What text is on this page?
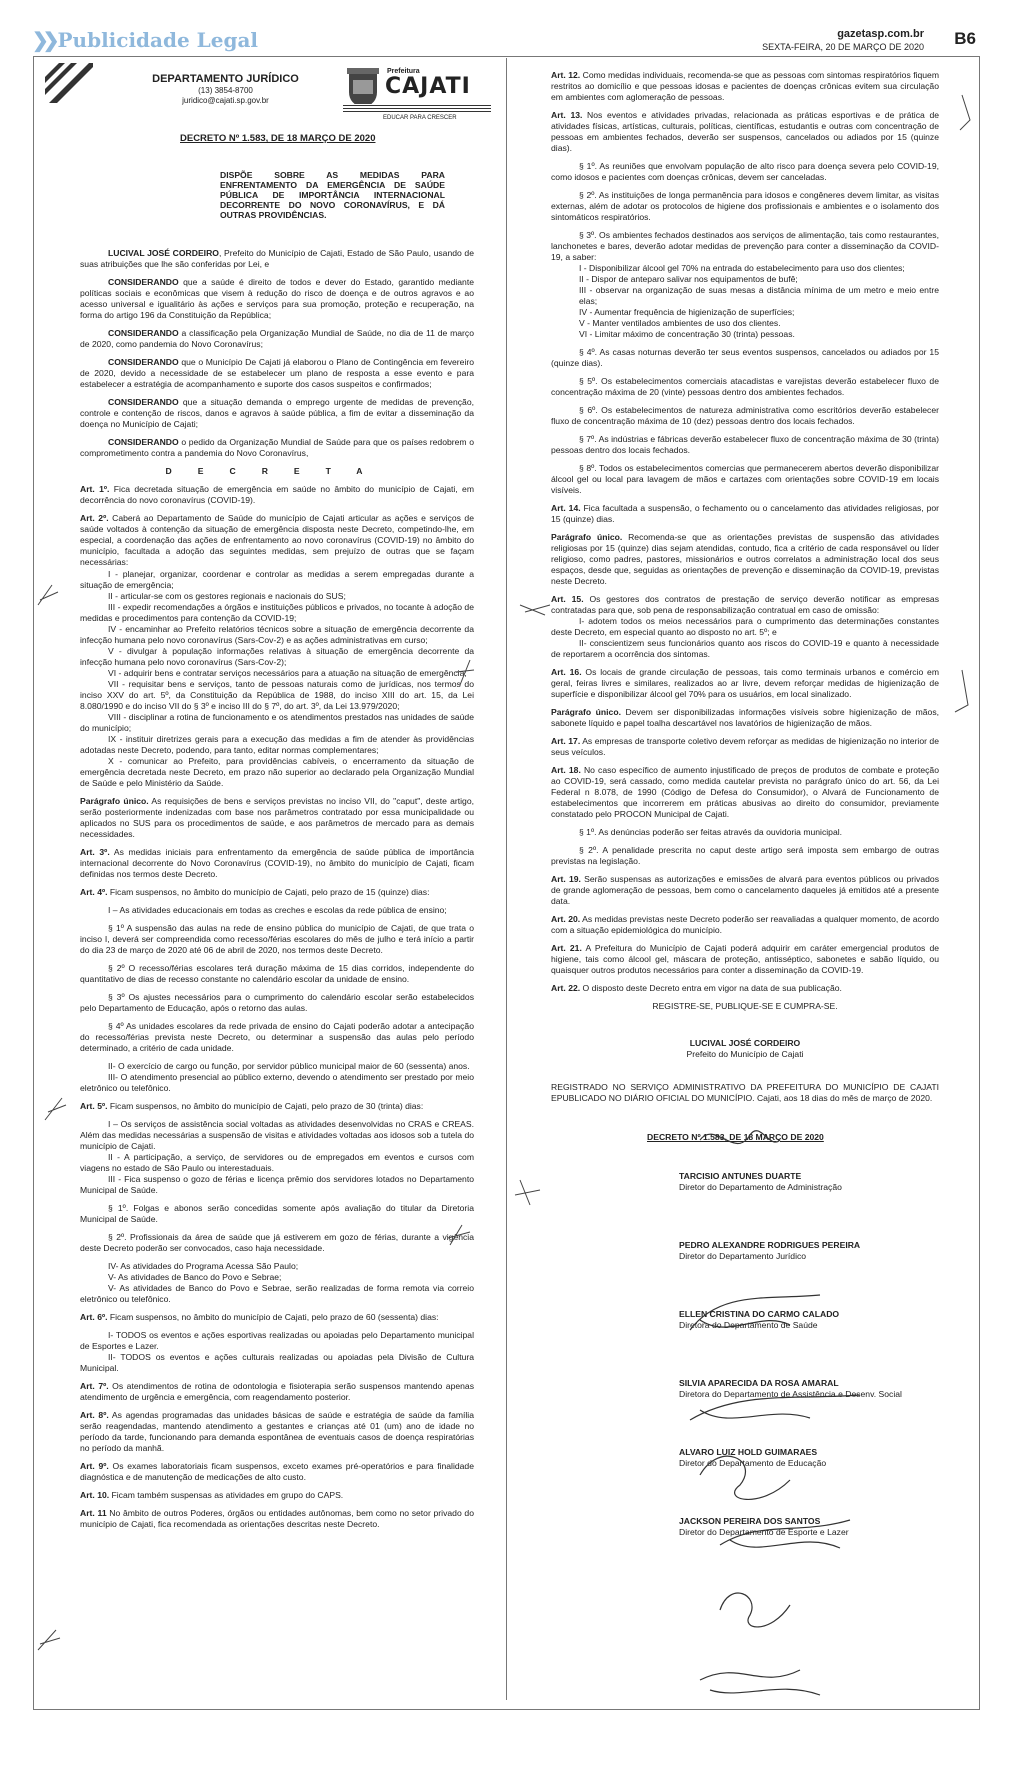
❯❯ Publicidade Legal	gazetasp.com.br
SEXTA-FEIRA, 20 DE MARÇO DE 2020 B6
DEPARTAMENTO JURÍDICO
(13) 3854-8700
juridico@cajati.sp.gov.br
Prefeitura
CAJATI
EDUCAR PARA CRESCER
DECRETO Nº 1.583, DE 18 MARÇO DE 2020
DISPÕE SOBRE AS MEDIDAS PARA ENFRENTAMENTO DA EMERGÊNCIA DE SAÚDE PÚBLICA DE IMPORTÂNCIA INTERNACIONAL DECORRENTE DO NOVO CORONAVÍRUS, E DÁ OUTRAS PROVIDÊNCIAS.

LUCIVAL JOSÉ CORDEIRO, Prefeito do Município de Cajati, Estado de São Paulo, usando de suas atribuições que lhe são conferidas por Lei, e

CONSIDERANDO que a saúde é direito de todos e dever do Estado, garantido mediante políticas sociais e econômicas que visem à redução do risco de doença e de outros agravos e ao acesso universal e igualitário às ações e serviços para sua promoção, proteção e recuperação, na forma do artigo 196 da Constituição da República;

CONSIDERANDO a classificação pela Organização Mundial de Saúde, no dia de 11 de março de 2020, como pandemia do Novo Coronavírus;

CONSIDERANDO que o Município De Cajati já elaborou o Plano de Contingência em fevereiro de 2020, devido a necessidade de se estabelecer um plano de resposta a esse evento e para estabelecer a estratégia de acompanhamento e suporte dos casos suspeitos e confirmados;

CONSIDERANDO que a situação demanda o emprego urgente de medidas de prevenção, controle e contenção de riscos, danos e agravos à saúde pública, a fim de evitar a disseminação da doença no Município de Cajati;

CONSIDERANDO o pedido da Organização Mundial de Saúde para que os países redobrem o comprometimento contra a pandemia do Novo Coronavírus,

DECRETA

Art. 1º. Fica decretada situação de emergência em saúde no âmbito do município de Cajati, em decorrência do novo coronavírus (COVID-19).

Art. 2º. Caberá ao Departamento de Saúde do município de Cajati articular as ações e serviços de saúde voltados à contenção da situação de emergência disposta neste Decreto, competindo-lhe, em especial, a coordenação das ações de enfrentamento ao novo coronavírus (COVID-19) no âmbito do município, facultada a adoção das seguintes medidas, sem prejuízo de outras que se façam necessárias:

I - planejar, organizar, coordenar e controlar as medidas a serem empregadas durante a situação de emergência;
II - articular-se com os gestores regionais e nacionais do SUS;
III - expedir recomendações a órgãos e instituições públicos e privados, no tocante à adoção de medidas e procedimentos para contenção da COVID-19;
IV - encaminhar ao Prefeito relatórios técnicos sobre a situação de emergência decorrente da infecção humana pelo novo coronavírus (Sars-Cov-2) e as ações administrativas em curso;
V - divulgar à população informações relativas à situação de emergência decorrente da infecção humana pelo novo coronavírus (Sars-Cov-2);
VI - adquirir bens e contratar serviços necessários para a atuação na situação de emergência;
VII - requisitar bens e serviços, tanto de pessoas naturais como de jurídicas, nos termos do inciso XXV do art. 5º, da Constituição da República de 1988, do inciso XIII do art. 15, da Lei 8.080/1990 e do inciso VII do § 3º e inciso III do § 7º, do art. 3º, da Lei 13.979/2020;
VIII - disciplinar a rotina de funcionamento e os atendimentos prestados nas unidades de saúde do município;
IX - instituir diretrizes gerais para a execução das medidas a fim de atender às providências adotadas neste Decreto, podendo, para tanto, editar normas complementares;
X - comunicar ao Prefeito, para providências cabíveis, o encerramento da situação de emergência decretada neste Decreto, em prazo não superior ao declarado pela Organização Mundial de Saúde e pelo Ministério da Saúde.

Parágrafo único. As requisições de bens e serviços previstas no inciso VII, do "caput", deste artigo, serão posteriormente indenizadas com base nos parâmetros contratado por essa municipalidade ou aplicados no SUS para os procedimentos de saúde, e aos parâmetros de mercado para as demais necessidades.

Art. 3º. As medidas iniciais para enfrentamento da emergência de saúde pública de importância internacional decorrente do Novo Coronavírus (COVID-19), no âmbito do município de Cajati, ficam definidas nos termos deste Decreto.

Art. 4º. Ficam suspensos, no âmbito do município de Cajati, pelo prazo de 15 (quinze) dias:

I – As atividades educacionais em todas as creches e escolas da rede pública de ensino;

§ 1º A suspensão das aulas na rede de ensino pública do município de Cajati, de que trata o inciso I, deverá ser compreendida como recesso/férias escolares do mês de julho e terá início a partir do dia 23 de março de 2020 até 06 de abril de 2020, nos termos deste Decreto.

§ 2º O recesso/férias escolares terá duração máxima de 15 dias corridos, independente do quantitativo de dias de recesso constante no calendário escolar da unidade de ensino.

§ 3º Os ajustes necessários para o cumprimento do calendário escolar serão estabelecidos pelo Departamento de Educação, após o retorno das aulas.

§ 4º As unidades escolares da rede privada de ensino do Cajati poderão adotar a antecipação do recesso/férias prevista neste Decreto, ou determinar a suspensão das aulas pelo período determinado, a critério de cada unidade.

II- O exercício de cargo ou função, por servidor público municipal maior de 60 (sessenta) anos.
III- O atendimento presencial ao público externo, devendo o atendimento ser prestado por meio eletrônico ou telefônico.

Art. 5º. Ficam suspensos, no âmbito do município de Cajati, pelo prazo de 30 (trinta) dias:

I – Os serviços de assistência social voltadas as atividades desenvolvidas no CRAS e CREAS. Além das medidas necessárias a suspensão de visitas e atividades voltadas aos idosos sob a tutela do município de Cajati.
II - A participação, a serviço, de servidores ou de empregados em eventos e cursos com viagens no estado de São Paulo ou interestaduais.
III - Fica suspenso o gozo de férias e licença prêmio dos servidores lotados no Departamento Municipal de Saúde.

§ 1º. Folgas e abonos serão concedidas somente após avaliação do titular da Diretoria Municipal de Saúde.

§ 2º. Profissionais da área de saúde que já estiverem em gozo de férias, durante a vigência deste Decreto poderão ser convocados, caso haja necessidade.

IV- As atividades do Programa Acessa São Paulo;
V- As atividades de Banco do Povo e Sebrae;
V- As atividades de Banco do Povo e Sebrae, serão realizadas de forma remota via correio eletrônico ou telefônico.

Art. 6º. Ficam suspensos, no âmbito do município de Cajati, pelo prazo de 60 (sessenta) dias:

I- TODOS os eventos e ações esportivas realizadas ou apoiadas pelo Departamento municipal de Esportes e Lazer.
II- TODOS os eventos e ações culturais realizadas ou apoiadas pela Divisão de Cultura Municipal.

Art. 7º. Os atendimentos de rotina de odontologia e fisioterapia serão suspensos mantendo apenas atendimento de urgência e emergência, com reagendamento posterior.

Art. 8º. As agendas programadas das unidades básicas de saúde e estratégia de saúde da família serão reagendadas, mantendo atendimento a gestantes e crianças até 01 (um) ano de idade no período da tarde, funcionando para demanda espontânea de eventuais casos de doença respiratórias no período da manhã.

Art. 9º. Os exames laboratoriais ficam suspensos, exceto exames pré-operatórios e para finalidade diagnóstica e de manutenção de medicações de alto custo.

Art. 10. Ficam também suspensas as atividades em grupo do CAPS.

Art. 11 No âmbito de outros Poderes, órgãos ou entidades autônomas, bem como no setor privado do município de Cajati, fica recomendada as orientações descritas neste Decreto.

Art. 12. Como medidas individuais, recomenda-se que as pessoas com sintomas respiratórios fiquem restritos ao domicílio e que pessoas idosas e pacientes de doenças crônicas evitem sua circulação em ambientes com aglomeração de pessoas.

Art. 13. Nos eventos e atividades privadas, relacionada as práticas esportivas e de prática de atividades físicas, artísticas, culturais, políticas, científicas, estudantis e outras com concentração de pessoas em ambientes fechados, deverão ser suspensos, cancelados ou adiados por 15 (quinze dias).

§ 1º. As reuniões que envolvam população de alto risco para doença severa pelo COVID-19, como idosos e pacientes com doenças crônicas, devem ser canceladas.

§ 2º. As instituições de longa permanência para idosos e congêneres devem limitar, as visitas externas, além de adotar os protocolos de higiene dos profissionais e ambientes e o isolamento dos sintomáticos respiratórios.

§ 3º. Os ambientes fechados destinados aos serviços de alimentação, tais como restaurantes, lanchonetes e bares, deverão adotar medidas de prevenção para conter a disseminação da COVID-19, a saber:
I - Disponibilizar álcool gel 70% na entrada do estabelecimento para uso dos clientes;
II - Dispor de anteparo salivar nos equipamentos de bufê;
III - observar na organização de suas mesas a distância mínima de um metro e meio entre elas;
IV - Aumentar frequência de higienização de superfícies;
V - Manter ventilados ambientes de uso dos clientes.
VI - Limitar máximo de concentração 30 (trinta) pessoas.

§ 4º. As casas noturnas deverão ter seus eventos suspensos, cancelados ou adiados por 15 (quinze dias).

§ 5º. Os estabelecimentos comerciais atacadistas e varejistas deverão estabelecer fluxo de concentração máxima de 20 (vinte) pessoas dentro dos ambientes fechados.

§ 6º. Os estabelecimentos de natureza administrativa como escritórios deverão estabelecer fluxo de concentração máxima de 10 (dez) pessoas dentro dos locais fechados.

§ 7º. As indústrias e fábricas deverão estabelecer fluxo de concentração máxima de 30 (trinta) pessoas dentro dos locais fechados.

§ 8º. Todos os estabelecimentos comercias que permanecerem abertos deverão disponibilizar álcool gel ou local para lavagem de mãos e cartazes com orientações sobre COVID-19 em locais visíveis.

Art. 14. Fica facultada a suspensão, o fechamento ou o cancelamento das atividades religiosas, por 15 (quinze) dias.

Parágrafo único. Recomenda-se que as orientações previstas de suspensão das atividades religiosas por 15 (quinze) dias sejam atendidas, contudo, fica a critério de cada responsável ou líder religioso, como padres, pastores, missionários e outros correlatos a administração local dos seus espaços, desde que, seguidas as orientações de prevenção e disseminação da COVID-19, previstas neste Decreto.

Art. 15. Os gestores dos contratos de prestação de serviço deverão notificar as empresas contratadas para que, sob pena de responsabilização contratual em caso de omissão:
I- adotem todos os meios necessários para o cumprimento das determinações constantes deste Decreto, em especial quanto ao disposto no art. 5º; e
II- conscientizem seus funcionários quanto aos riscos do COVID-19 e quanto à necessidade de reportarem a ocorrência dos sintomas.

Art. 16. Os locais de grande circulação de pessoas, tais como terminais urbanos e comércio em geral, feiras livres e similares, realizados ao ar livre, devem reforçar medidas de higienização de superfície e disponibilizar álcool gel 70% para os usuários, em local sinalizado.

Parágrafo único. Devem ser disponibilizadas informações visíveis sobre higienização de mãos, sabonete líquido e papel toalha descartável nos lavatórios de higienização de mãos.

Art. 17. As empresas de transporte coletivo devem reforçar as medidas de higienização no interior de seus veículos.

Art. 18. No caso específico de aumento injustificado de preços de produtos de combate e proteção ao COVID-19, será cassado, como medida cautelar prevista no parágrafo único do art. 56, da Lei Federal n 8.078, de 1990 (Código de Defesa do Consumidor), o Alvará de Funcionamento de estabelecimentos que incorrerem em práticas abusivas ao direito do consumidor, previamente constatado pelo PROCON Municipal de Cajati.

§ 1º. As denúncias poderão ser feitas através da ouvidoria municipal.

§ 2º. A penalidade prescrita no caput deste artigo será imposta sem embargo de outras previstas na legislação.

Art. 19. Serão suspensas as autorizações e emissões de alvará para eventos públicos ou privados de grande aglomeração de pessoas, bem como o cancelamento daqueles já emitidos até a presente data.

Art. 20. As medidas previstas neste Decreto poderão ser reavaliadas a qualquer momento, de acordo com a situação epidemiológica do município.

Art. 21. A Prefeitura do Município de Cajati poderá adquirir em caráter emergencial produtos de higiene, tais como álcool gel, máscara de proteção, antisséptico, sabonetes e sabão líquido, ou quaisquer outros produtos necessários para conter a disseminação da COVID-19.

Art. 22. O disposto deste Decreto entra em vigor na data de sua publicação.

REGISTRE-SE, PUBLIQUE-SE E CUMPRA-SE.

LUCIVAL JOSÉ CORDEIRO
Prefeito do Município de Cajati

REGISTRADO NO SERVIÇO ADMINISTRATIVO DA PREFEITURA DO MUNICÍPIO DE CAJATI EPUBLICADO NO DIÁRIO OFICIAL DO MUNICÍPIO. Cajati, aos 18 dias do mês de março de 2020.

DECRETO Nº 1.583, DE 18 MARÇO DE 2020
TARCISIO ANTUNES DUARTE
Diretor do Departamento de Administração
PEDRO ALEXANDRE RODRIGUES PEREIRA
Diretor do Departamento Jurídico
ELLEN CRISTINA DO CARMO CALADO
Diretora do Departamento de Saúde
SILVIA APARECIDA DA ROSA AMARAL
Diretora do Departamento de Assistência e Desenv. Social
ALVARO LUIZ HOLD GUIMARAES
Diretor do Departamento de Educação
JACKSON PEREIRA DOS SANTOS
Diretor do Departamento de Esporte e Lazer
